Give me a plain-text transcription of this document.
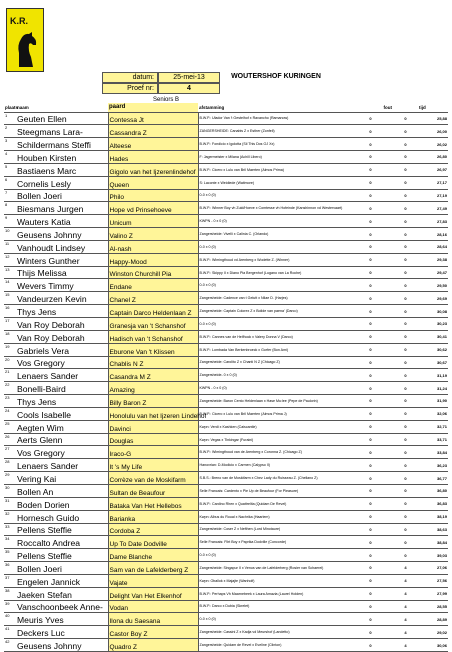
K.R.
datum:	25-mei-13	WOUTERSHOF KURINGEN
Proef nr:	4
Seniors B
plaats	naam	paard	afstamming	fout		tijd
1	Geuten Ellen	Contessa Jt	B.W.P.: Ulador Van 't Gestelhof x Ravancho (Ramanow)	0	0	25,88
2	Steegmans Lara-	Cassandra Z	ZANGERSHEIDE: Canabis Z x Esther (Zonfell)	0	0	26,00
3	Schildermans Steffi	Alteese	B.W.P.: Fondicio x Igolotta (Sil This Dos OJ Xx)	0	0	26,02
4	Houben Kirsten	Hades	F: Jagermeister x Milana (Achill Libero)	0	0	26,80
5	Bastiaens Marc	Gigolo van het Ijzerenlindehof	B.W.P.: Cicero x Lulu van Bril Maerten (Almos Prima)	0	0	26,97
6	Cornelis Lesly	Queen	S: Laconte x Weidiede (Waitmore)	0	0	27,17
7	Bollen Joeri	Philo	0-0 x 0 (0)	0	0	27,19
8	Biesmans Jurgen	Hope vd Prinsehoeve	B.W.P.: Winner Boy vh Zuid/Hoeve x Comtesse vh Hofeinde (Kanshinnon vd Westervaart)	0	0	27,49
9	Wauters Katia	Unicum	KWPN - 0 x 0 (0)	0	0	27,83
10	Geusens Johnny	Valino Z	Zangersheide: Vivelli x Calinia C. (Orlando)	0	0	28,16
11	Vanhoudt Lindsey	Al-nash	0-0 x 0 (0)	0	0	28,64
12	Winters Gunther	Happy-Mood	B.W.P.: Wimingthoud vd Arenberg x Wodette Z. (Winner)	0	0	29,38
13	Thijs Melissa	Winston Churchill Pia	B.W.P.: Skippy II x Diano Pia Bergenhof (Lugano van La Roche)	0	0	29,47
14	Wevers Timmy	Endane	0-0 x 0 (0)	0	0	29,50
15	Vandeurzen Kevin	Chanel Z	Zangersheide: Cadence van t Gelutt x Nilae D. (Harjes)	0	0	29,69
16	Thys Jens	Captain Darco Heldenlaan Z	Zangersheide: Captain Colorex Z x Bolide van paena' (Darco)	0	0	30,08
17	Van Roy Deborah	Granesja van 't Schanshof	0-0 x 0 (0)	0	0	30,23
18	Van Roy Deborah	Hadisch van 't Schanshof	B.W.P.: Cannes van de Helfhock x Valery Donna V (Darco)	0	0	30,41
19	Gabriels Vera	Eburone Van 't Klissen	B.W.P.: Lombada Van Berkenbroeck x Gorfer (Bon Ami)	0	0	30,62
20	Vos Gregory	Chablis N Z	Zangersheide: Carolito Z x Chanti N Z (Chicago Z)	0	0	30,67
21	Lenaers Sander	Casandra M Z	Zangersheide- 0 x 0 (0)	0	0	31,19
22	Bonelli-Baird	Amazing	KWPN - 0 x 0 (0)	0	0	31,24
23	Thys Jens	Billy Baron Z	Zangersheide: Baron Cento Heldenlaan x Hase Mu:lee (Pepe de Paulorin)	0	0	31,90
24	Cools Isabelle	Honolulu van het Ijzeren Lindehof	B.W.P.: Cicero x Lulu van Bril Maerten (Almos Prima J)	0	0	32,06
25	Aegten Wim	Davinci	Kwpn: Verdi x Kashken (Caiscantle)	0	0	32,71
26	Aerts Glenn	Douglas	Kwpn: Vegas x Tinkingar (Furaini)	0	0	33,71
27	Vos Gregory	Iraco-G	B.W.P.: Wimingthoud van de Arenberg x Coronna Z. (Chicago Z)	0	0	33,84
28	Lenaers Sander	It 's My Life	Hanovrian: D-Modicio x Carmen (Calypso II)	0	0	36,23
29	Vering Kai	Corrèze van de Moskifarm	S.B.S.: Breno van de Moskifarm x Chez Lady du Ruisseau Z. (Chellano Z)	0	0	36,77
30	Bollen An	Sultan de Beaufour	Selle Francais: Cardento x Pie Up de Beaufour (For Pleasure)	0	0	36,80
31	Boden Dorien	Bataka Van Het Hellebos	B.W.P.: Cardino Rhen x Quattrelita (Quidam De Revel)	0	0	36,83
32	Hornesch Guido	Barianka	Kwpn: Albus du Roual x Nachrika (Haarlem)	0	0	38,19
33	Pellens Steffie	Cordoba Z	Zangersheide: Coser Z x Nefthen (Lord Minotaure)	0	0	38,63
34	Roccalto Andrea	Up To Date Dodville	Selle Francais: Flirt Boy x Paprika Dodville (Concorde)	0	0	38,84
35	Pellens Steffie	Dame Blanche	0-0 x 0 (0)	0	0	39,03
36	Bollen Joeri	Sam van de Lafelderberg Z	Zangersheide: Singapur II x Venus van de Lafelderberg (Rosier van Schaerel)	0	4	27,06
37	Engelen Jannick	Vajate	Kwpn: Oballok x Majajte (Wanholf)	0	4	27,56
38	Jaeken Stefan	Delight Van Het Elkenhof	B.W.P.: Perhaps Vh Maarnebeek x Laura Amazia (Laurel Holden)	0	4	27,99
39	Vanschoonbeek Anne-	Vodan	B.W.P.: Darco x Dubia (Skrelet)	0	4	28,55
40	Meuris Yves	Ilona du Saesana	0-0 x 0 (0)	0	4	28,89
41	Deckers Luc	Castor Boy Z	Zangersheide: Cassini Z x Kadja vd Meurshof (Landetto)	0	4	29,02
42	Geusens Johnny	Quadro Z	Zangersheide: Quidam de Revel x Eveline (Clinton)	0	4	30,06
